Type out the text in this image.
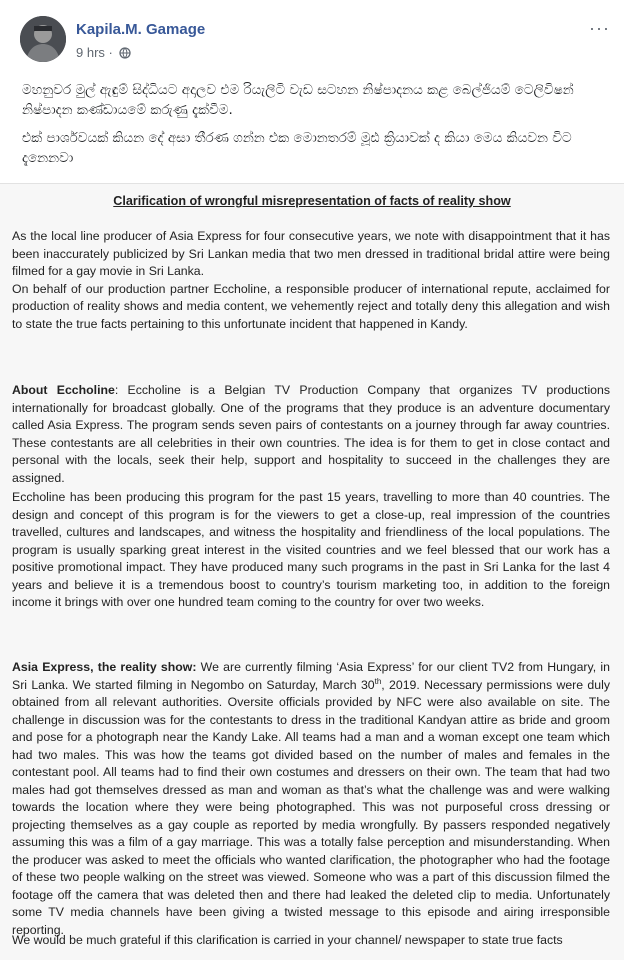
Kapila.M. Gamage
9 hrs ·
···
මහනුවර මුල් ඇඳුම් සිද්ධියට අදාලව එම රියැලිටි වැඩ සටහන නිෂ්පාදනය කළ බෙල්ජියම් ටෙලිවිෂන් නිෂ්පාදන කණ්ඩායමේ කරුණු දැක්වීම.
එක් පාර්ශවයක් කියන දේ අසා තීරණ ගන්න එක මොනතරම් මූඪ ක්‍රියාවක් ද කියා මෙය කියවන විට දැනෙනවා
Clarification of wrongful misrepresentation of facts of reality show
As the local line producer of Asia Express for four consecutive years, we note with disappointment that it has been inaccurately publicized by Sri Lankan media that two men dressed in traditional bridal attire were being filmed for a gay movie in Sri Lanka.
On behalf of our production partner Eccholine, a responsible producer of international repute, acclaimed for production of reality shows and media content, we vehemently reject and totally deny this allegation and wish to state the true facts pertaining to this unfortunate incident that happened in Kandy.
About Eccholine: Eccholine is a Belgian TV Production Company that organizes TV productions internationally for broadcast globally. One of the programs that they produce is an adventure documentary called Asia Express. The program sends seven pairs of contestants on a journey through far away countries. These contestants are all celebrities in their own countries. The idea is for them to get in close contact and personal with the locals, seek their help, support and hospitality to succeed in the challenges they are assigned.
Eccholine has been producing this program for the past 15 years, travelling to more than 40 countries. The design and concept of this program is for the viewers to get a close-up, real impression of the countries travelled, cultures and landscapes, and witness the hospitality and friendliness of the local populations. The program is usually sparking great interest in the visited countries and we feel blessed that our work has a positive promotional impact. They have produced many such programs in the past in Sri Lanka for the last 4 years and believe it is a tremendous boost to country’s tourism marketing too, in addition to the foreign income it brings with over one hundred team coming to the country for over two weeks.
Asia Express, the reality show: We are currently filming ‘Asia Express’ for our client TV2 from Hungary, in Sri Lanka. We started filming in Negombo on Saturday, March 30th, 2019. Necessary permissions were duly obtained from all relevant authorities. Oversite officials provided by NFC were also available on site. The challenge in discussion was for the contestants to dress in the traditional Kandyan attire as bride and groom and pose for a photograph near the Kandy Lake. All teams had a man and a woman except one team which had two males. This was how the teams got divided based on the number of males and females in the contestant pool. All teams had to find their own costumes and dressers on their own. The team that had two males had got themselves dressed as man and woman as that’s what the challenge was and were walking towards the location where they were being photographed. This was not purposeful cross dressing or projecting themselves as a gay couple as reported by media wrongfully. By passers responded negatively assuming this was a film of a gay marriage. This was a totally false perception and misunderstanding. When the producer was asked to meet the officials who wanted clarification, the photographer who had the footage of these two people walking on the street was viewed. Someone who was a part of this discussion filmed the footage off the camera that was deleted then and there had leaked the deleted clip to media. Unfortunately some TV media channels have been giving a twisted message to this episode and airing irresponsible reporting.
We would be much grateful if this clarification is carried in your channel/ newspaper to state true facts
